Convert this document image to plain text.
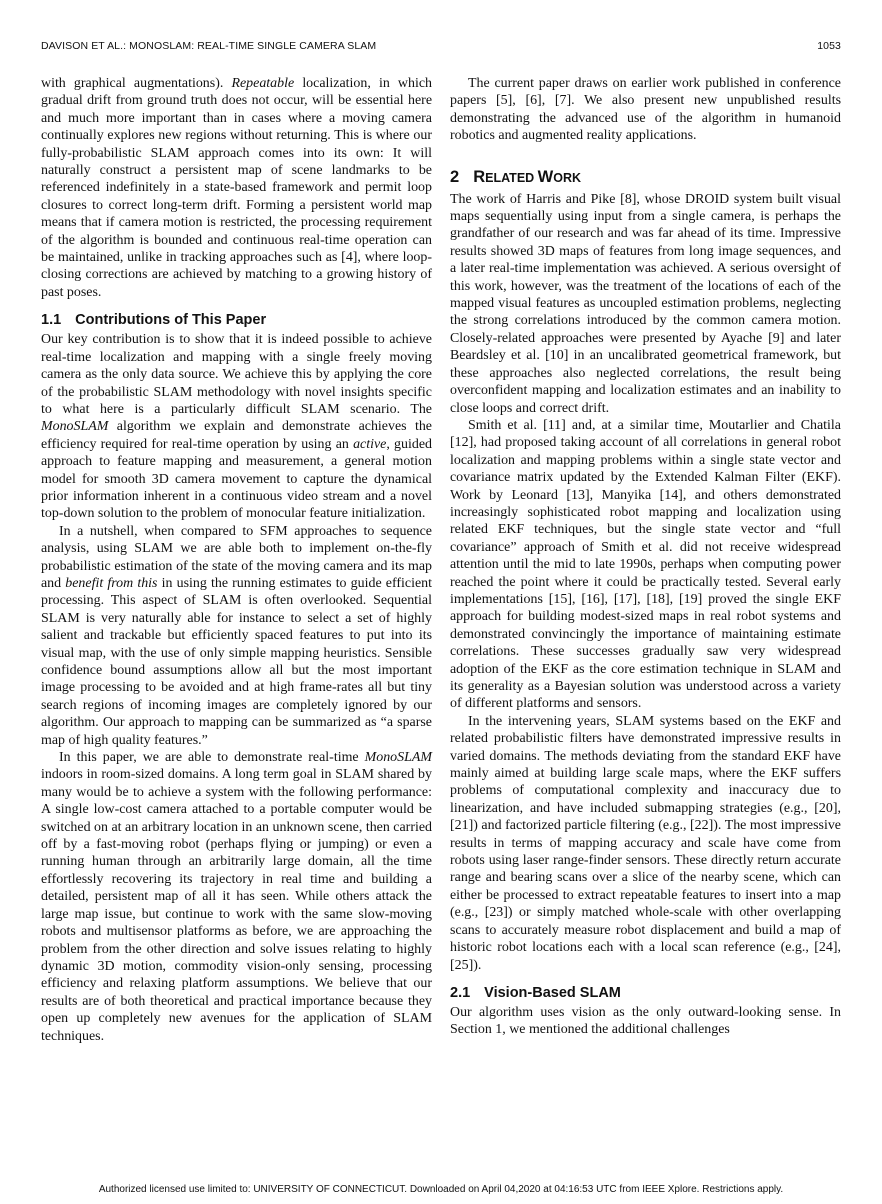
DAVISON ET AL.: MONOSLAM: REAL-TIME SINGLE CAMERA SLAM	1053

with graphical augmentations). Repeatable localization, in which gradual drift from ground truth does not occur, will be essential here and much more important than in cases where a moving camera continually explores new regions without returning. This is where our fully-probabilistic SLAM approach comes into its own: It will naturally construct a persistent map of scene landmarks to be referenced indefinitely in a state-based framework and permit loop closures to correct long-term drift. Forming a persistent world map means that if camera motion is restricted, the processing requirement of the algorithm is bounded and continuous real-time operation can be maintained, unlike in tracking approaches such as [4], where loop-closing corrections are achieved by matching to a growing history of past poses.

1.1 Contributions of This Paper

Our key contribution is to show that it is indeed possible to achieve real-time localization and mapping with a single freely moving camera as the only data source. We achieve this by applying the core of the probabilistic SLAM methodology with novel insights specific to what here is a particularly difficult SLAM scenario. The MonoSLAM algorithm we explain and demonstrate achieves the efficiency required for real-time operation by using an active, guided approach to feature mapping and measurement, a general motion model for smooth 3D camera movement to capture the dynamical prior information inherent in a continuous video stream and a novel top-down solution to the problem of monocular feature initialization.

In a nutshell, when compared to SFM approaches to sequence analysis, using SLAM we are able both to implement on-the-fly probabilistic estimation of the state of the moving camera and its map and benefit from this in using the running estimates to guide efficient processing. This aspect of SLAM is often overlooked. Sequential SLAM is very naturally able for instance to select a set of highly salient and trackable but efficiently spaced features to put into its visual map, with the use of only simple mapping heuristics. Sensible confidence bound assumptions allow all but the most important image processing to be avoided and at high frame-rates all but tiny search regions of incoming images are completely ignored by our algorithm. Our approach to mapping can be summarized as “a sparse map of high quality features.”

In this paper, we are able to demonstrate real-time MonoSLAM indoors in room-sized domains. A long term goal in SLAM shared by many would be to achieve a system with the following performance: A single low-cost camera attached to a portable computer would be switched on at an arbitrary location in an unknown scene, then carried off by a fast-moving robot (perhaps flying or jumping) or even a running human through an arbitrarily large domain, all the time effortlessly recovering its trajectory in real time and building a detailed, persistent map of all it has seen. While others attack the large map issue, but continue to work with the same slow-moving robots and multisensor platforms as before, we are approaching the problem from the other direction and solve issues relating to highly dynamic 3D motion, commodity vision-only sensing, processing efficiency and relaxing platform assumptions. We believe that our results are of both theoretical and practical importance because they open up completely new avenues for the application of SLAM techniques.

The current paper draws on earlier work published in conference papers [5], [6], [7]. We also present new unpublished results demonstrating the advanced use of the algorithm in humanoid robotics and augmented reality applications.

2 RELATED WORK

The work of Harris and Pike [8], whose DROID system built visual maps sequentially using input from a single camera, is perhaps the grandfather of our research and was far ahead of its time. Impressive results showed 3D maps of features from long image sequences, and a later real-time implementation was achieved. A serious oversight of this work, however, was the treatment of the locations of each of the mapped visual features as uncoupled estimation problems, neglecting the strong correlations introduced by the common camera motion. Closely-related approaches were presented by Ayache [9] and later Beardsley et al. [10] in an uncalibrated geometrical framework, but these approaches also neglected correlations, the result being overconfident mapping and localization estimates and an inability to close loops and correct drift.

Smith et al. [11] and, at a similar time, Moutarlier and Chatila [12], had proposed taking account of all correlations in general robot localization and mapping problems within a single state vector and covariance matrix updated by the Extended Kalman Filter (EKF). Work by Leonard [13], Manyika [14], and others demonstrated increasingly sophisticated robot mapping and localization using related EKF techniques, but the single state vector and “full covariance” approach of Smith et al. did not receive widespread attention until the mid to late 1990s, perhaps when computing power reached the point where it could be practically tested. Several early implementations [15], [16], [17], [18], [19] proved the single EKF approach for building modest-sized maps in real robot systems and demonstrated convincingly the importance of maintaining estimate correlations. These successes gradually saw very widespread adoption of the EKF as the core estimation technique in SLAM and its generality as a Bayesian solution was understood across a variety of different platforms and sensors.

In the intervening years, SLAM systems based on the EKF and related probabilistic filters have demonstrated impressive results in varied domains. The methods deviating from the standard EKF have mainly aimed at building large scale maps, where the EKF suffers problems of computational complexity and inaccuracy due to linearization, and have included submapping strategies (e.g., [20], [21]) and factorized particle filtering (e.g., [22]). The most impressive results in terms of mapping accuracy and scale have come from robots using laser range-finder sensors. These directly return accurate range and bearing scans over a slice of the nearby scene, which can either be processed to extract repeatable features to insert into a map (e.g., [23]) or simply matched whole-scale with other overlapping scans to accurately measure robot displacement and build a map of historic robot locations each with a local scan reference (e.g., [24], [25]).

2.1 Vision-Based SLAM

Our algorithm uses vision as the only outward-looking sense. In Section 1, we mentioned the additional challenges

Authorized licensed use limited to: UNIVERSITY OF CONNECTICUT. Downloaded on April 04,2020 at 04:16:53 UTC from IEEE Xplore. Restrictions apply.
